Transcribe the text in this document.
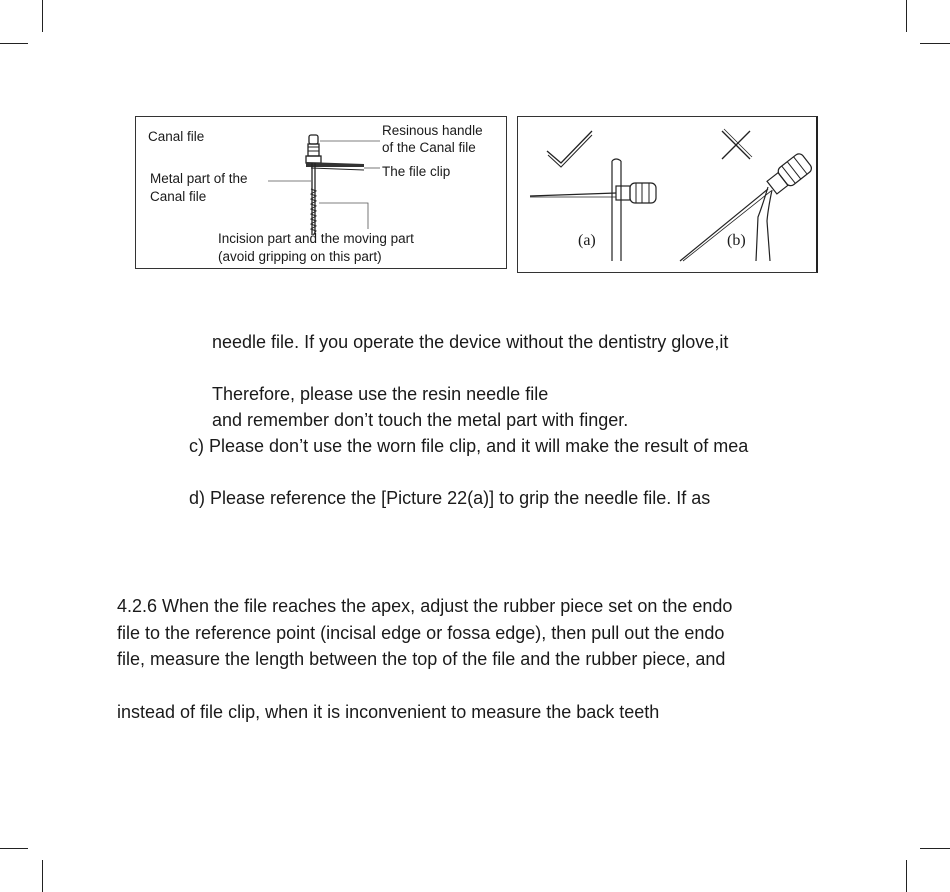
Canal file	Resinous handle
of the Canal file
The file clip
Metal part of the
Canal file
Incision part and the moving part
(avoid gripping on this part)
(a)	(b)
needle file. If you operate the device without the dentistry glove,it
Therefore, please use the resin needle file
and remember don’t touch the metal part with finger.
c) Please don’t use the worn file clip, and it will make the result of mea
d) Please reference the [Picture 22(a)] to grip the needle file. If as
4.2.6 When the file reaches the apex, adjust the rubber piece set on the endo
file to the reference point (incisal edge or fossa edge), then pull out the endo
file, measure the length between the top of the file and the rubber piece, and
instead of file clip, when it is inconvenient to measure the back teeth
